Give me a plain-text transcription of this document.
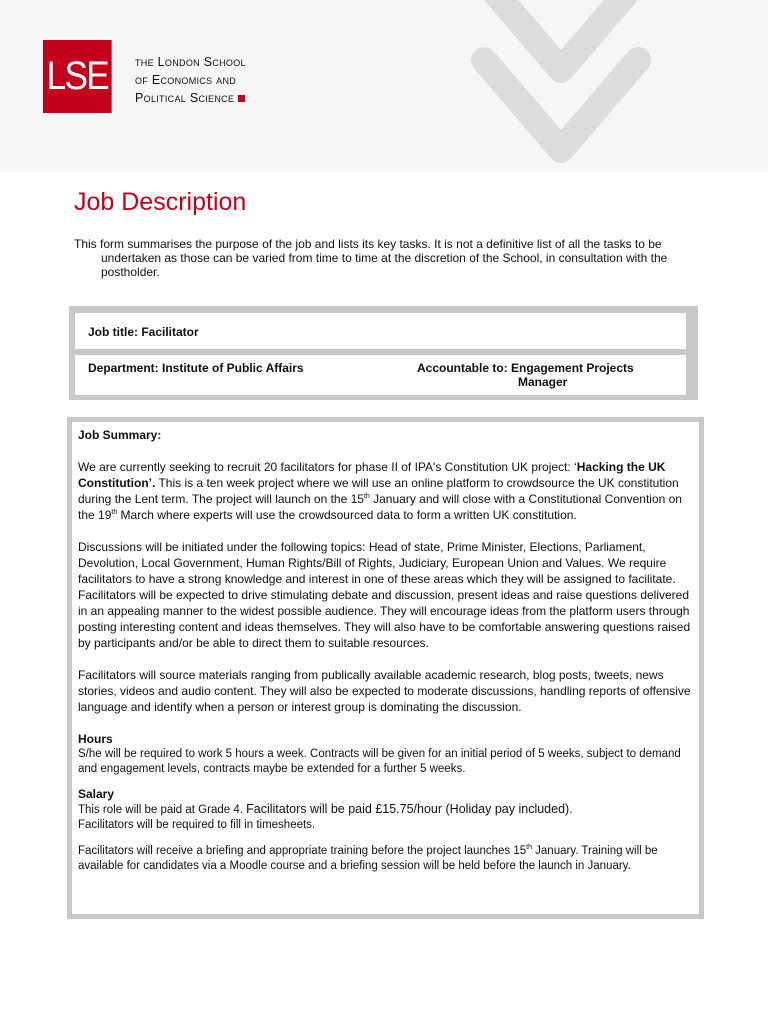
LSE the London School
of Economics and
Political Science
Job Description
This form summarises the purpose of the job and lists its key tasks. It is not a definitive list of all the tasks to be undertaken as those can be varied from time to time at the discretion of the School, in consultation with the postholder.
Job title: Facilitator
Department: Institute of Public Affairs	Accountable to: Engagement Projects
Manager

Job Summary:

We are currently seeking to recruit 20 facilitators for phase II of IPA's Constitution UK project: ‘Hacking the UK Constitution’. This is a ten week project where we will use an online platform to crowdsource the UK constitution during the Lent term. The project will launch on the 15th January and will close with a Constitutional Convention on the 19th March where experts will use the crowdsourced data to form a written UK constitution.

Discussions will be initiated under the following topics: Head of state, Prime Minister, Elections, Parliament, Devolution, Local Government, Human Rights/Bill of Rights, Judiciary, European Union and Values. We require facilitators to have a strong knowledge and interest in one of these areas which they will be assigned to facilitate. Facilitators will be expected to drive stimulating debate and discussion, present ideas and raise questions delivered in an appealing manner to the widest possible audience. They will encourage ideas from the platform users through posting interesting content and ideas themselves. They will also have to be comfortable answering questions raised by participants and/or be able to direct them to suitable resources.

Facilitators will source materials ranging from publically available academic research, blog posts, tweets, news stories, videos and audio content. They will also be expected to moderate discussions, handling reports of offensive language and identify when a person or interest group is dominating the discussion.

Hours

S/he will be required to work 5 hours a week. Contracts will be given for an initial period of 5 weeks, subject to demand and engagement levels, contracts maybe be extended for a further 5 weeks.

Salary

This role will be paid at Grade 4. Facilitators will be paid £15.75/hour (Holiday pay included).
Facilitators will be required to fill in timesheets.

Facilitators will receive a briefing and appropriate training before the project launches 15th January. Training will be available for candidates via a Moodle course and a briefing session will be held before the launch in January.
